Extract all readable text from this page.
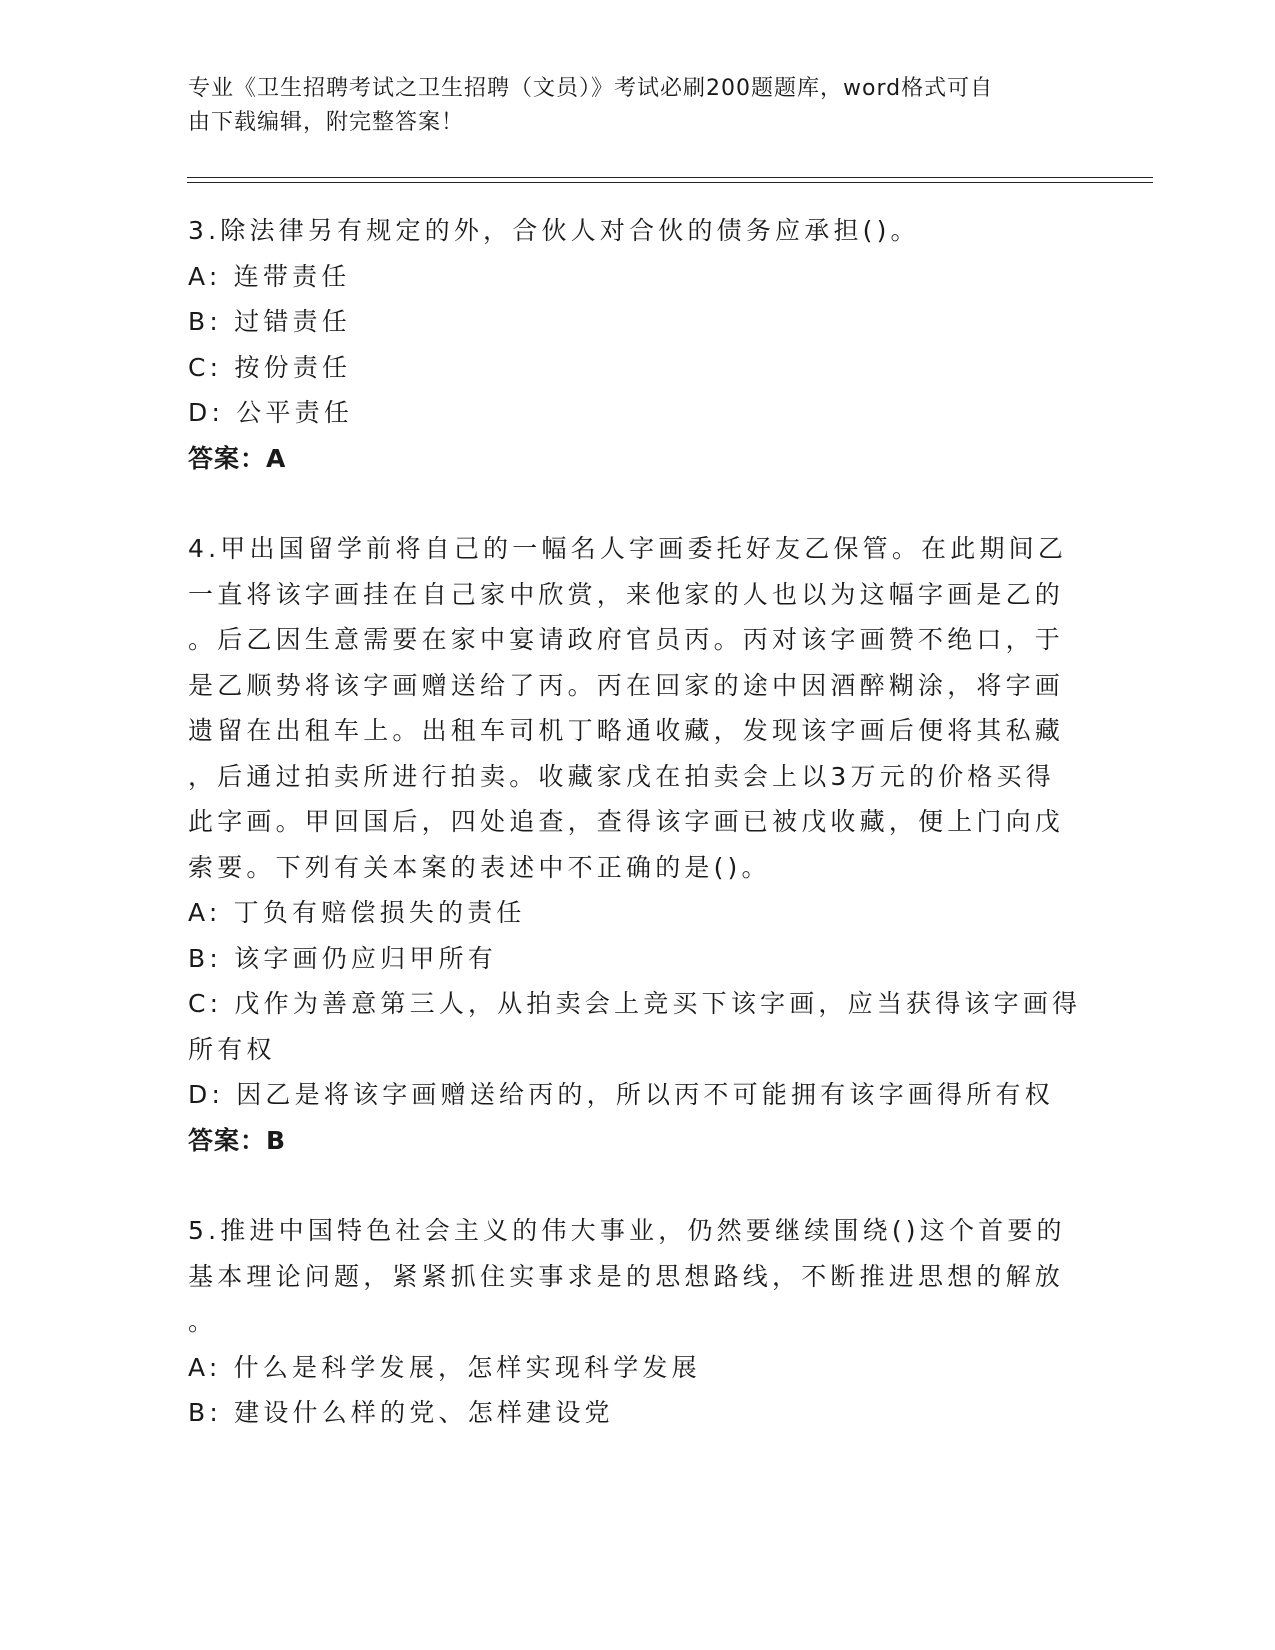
专业《卫生招聘考试之卫生招聘（文员）》考试必刷200题题库，word格式可自
由下载编辑，附完整答案！

3.除法律另有规定的外，合伙人对合伙的债务应承担()。

A: 连带责任

B: 过错责任

C: 按份责任

D: 公平责任

答案：A

4.甲出国留学前将自己的一幅名人字画委托好友乙保管。在此期间乙

一直将该字画挂在自己家中欣赏，来他家的人也以为这幅字画是乙的

。后乙因生意需要在家中宴请政府官员丙。丙对该字画赞不绝口，于

是乙顺势将该字画赠送给了丙。丙在回家的途中因酒醉糊涂，将字画

遗留在出租车上。出租车司机丁略通收藏，发现该字画后便将其私藏

，后通过拍卖所进行拍卖。收藏家戊在拍卖会上以3万元的价格买得

此字画。甲回国后，四处追查，查得该字画已被戊收藏，便上门向戊

索要。下列有关本案的表述中不正确的是()。

A: 丁负有赔偿损失的责任

B: 该字画仍应归甲所有

C: 戊作为善意第三人，从拍卖会上竞买下该字画，应当获得该字画得

所有权

D: 因乙是将该字画赠送给丙的，所以丙不可能拥有该字画得所有权

答案：B

5.推进中国特色社会主义的伟大事业，仍然要继续围绕()这个首要的

基本理论问题，紧紧抓住实事求是的思想路线，不断推进思想的解放

。

A: 什么是科学发展，怎样实现科学发展

B: 建设什么样的党、怎样建设党
